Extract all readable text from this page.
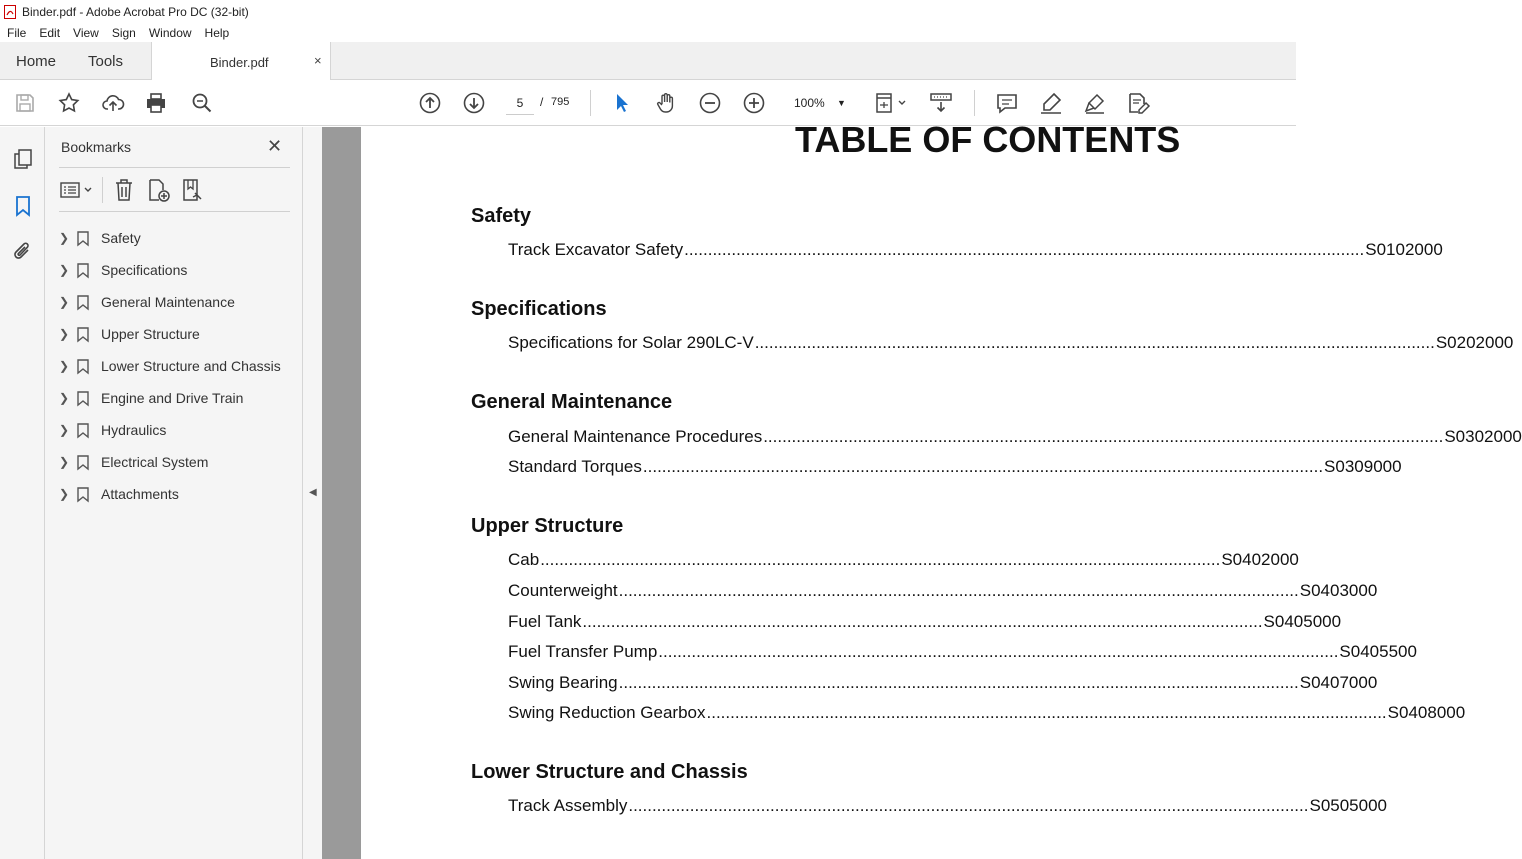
Binder.pdf - Adobe Acrobat Pro DC (32-bit)
File	Edit	View	Sign	Window	Help
Home Tools	Binder.pdf	×
5	/ 795	100% ▼
Bookmarks	✕
❯ Safety
❯ Specifications
❯ General Maintenance
❯ Upper Structure
❯ Lower Structure and Chassis
❯ Engine and Drive Train
❯ Hydraulics
❯ Electrical System
❯ Attachments	◀
TABLE OF CONTENTS
Safety
Track Excavator Safety ................................................................................................................................................ S0102000
Specifications
Specifications for Solar 290LC-V ................................................................................................................................................ S0202000
General Maintenance
General Maintenance Procedures ................................................................................................................................................ S0302000
Standard Torques ................................................................................................................................................ S0309000
Upper Structure
Cab ................................................................................................................................................ S0402000
Counterweight ................................................................................................................................................ S0403000
Fuel Tank ................................................................................................................................................ S0405000
Fuel Transfer Pump ................................................................................................................................................ S0405500
Swing Bearing ................................................................................................................................................ S0407000
Swing Reduction Gearbox ................................................................................................................................................ S0408000
Lower Structure and Chassis
Track Assembly ................................................................................................................................................ S0505000
